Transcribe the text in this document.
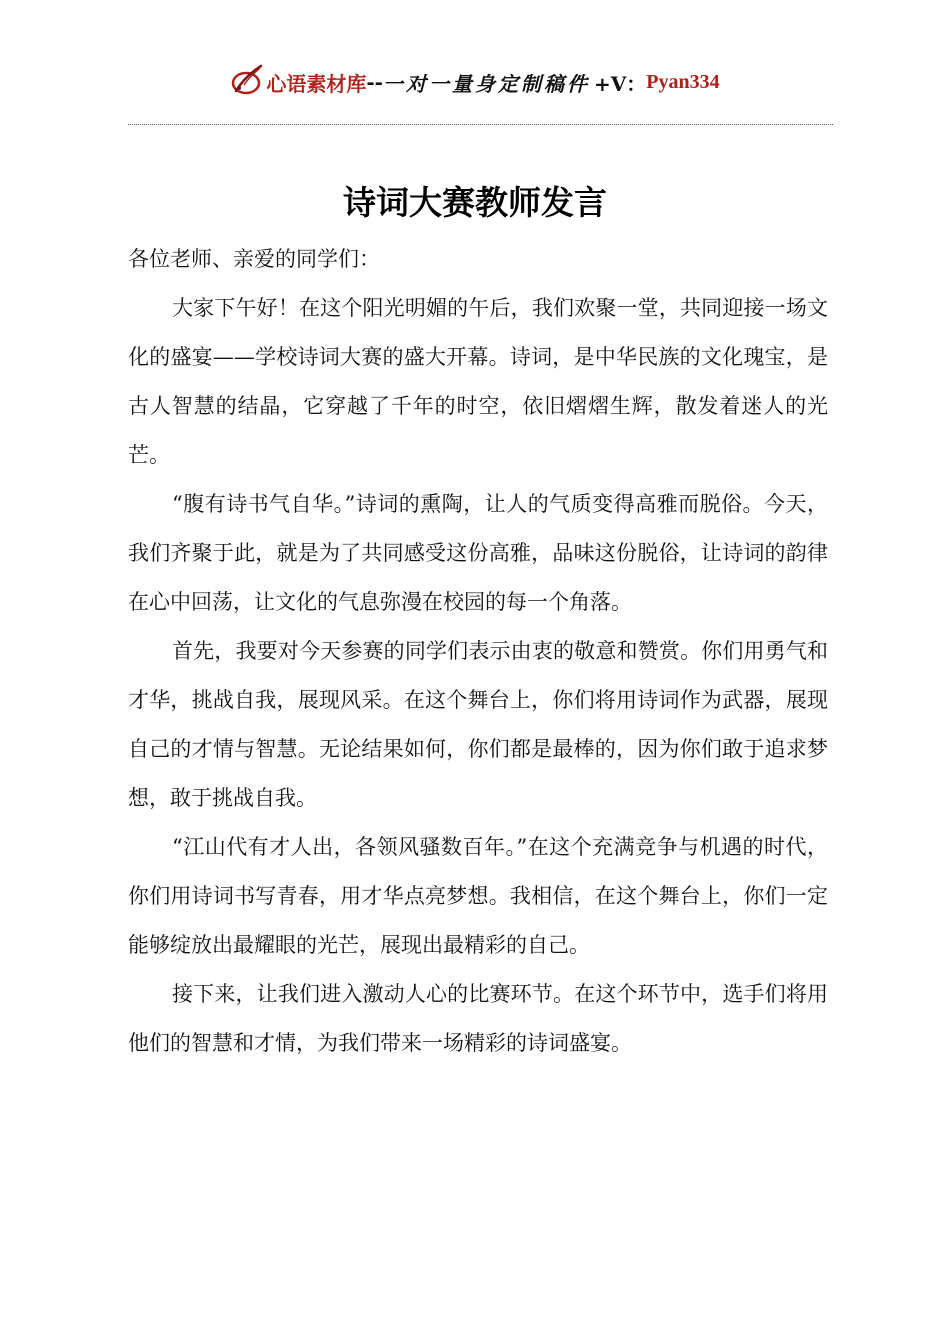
心语素材库 -- 一对一量身定制稿件 +V： Pyan334
诗词大赛教师发言

各位老师、亲爱的同学们：

大家下午好！在这个阳光明媚的午后，我们欢聚一堂，共同迎接一场文化的盛宴——学校诗词大赛的盛大开幕。诗词，是中华民族的文化瑰宝，是古人智慧的结晶，它穿越了千年的时空，依旧熠熠生辉，散发着迷人的光芒。

“腹有诗书气自华。”诗词的熏陶，让人的气质变得高雅而脱俗。今天，我们齐聚于此，就是为了共同感受这份高雅，品味这份脱俗，让诗词的韵律在心中回荡，让文化的气息弥漫在校园的每一个角落。

首先，我要对今天参赛的同学们表示由衷的敬意和赞赏。你们用勇气和才华，挑战自我，展现风采。在这个舞台上，你们将用诗词作为武器，展现自己的才情与智慧。无论结果如何，你们都是最棒的，因为你们敢于追求梦想，敢于挑战自我。

“江山代有才人出，各领风骚数百年。”在这个充满竞争与机遇的时代，你们用诗词书写青春，用才华点亮梦想。我相信，在这个舞台上，你们一定能够绽放出最耀眼的光芒，展现出最精彩的自己。

接下来，让我们进入激动人心的比赛环节。在这个环节中，选手们将用他们的智慧和才情，为我们带来一场精彩的诗词盛宴。
